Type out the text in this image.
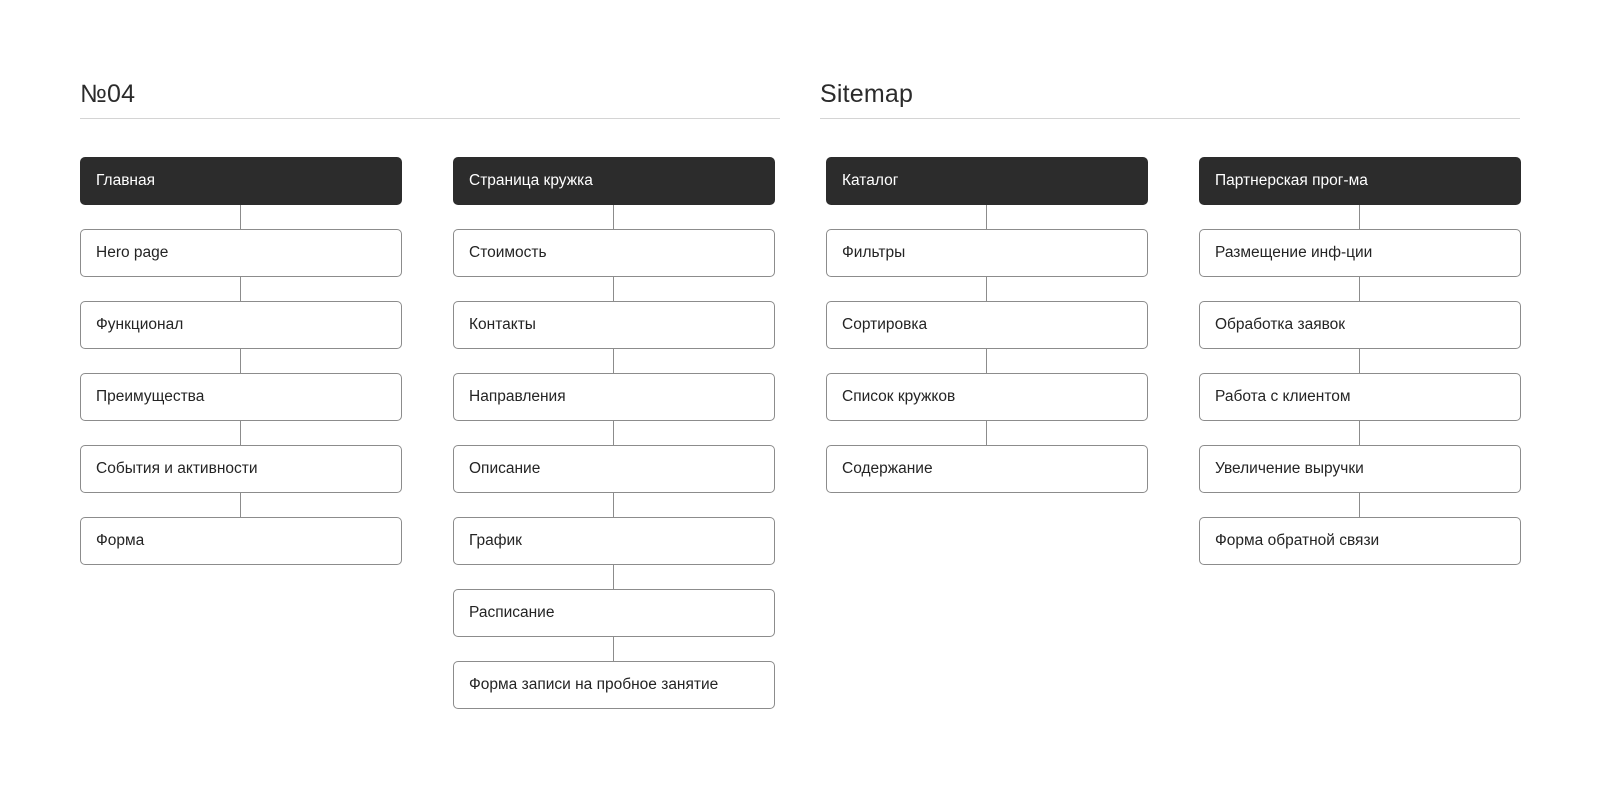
№04	Sitemap
Главная
Hero page
Функционал
Преимущества
События и активности
Форма
Страница кружка
Стоимость
Контакты
Направления
Описание
График
Расписание
Форма записи на пробное занятие
Каталог
Фильтры
Сортировка
Список кружков
Содержание
Партнерская прог-ма
Размещение инф-ции
Обработка заявок
Работа с клиентом
Увеличение выручки
Форма обратной связи
